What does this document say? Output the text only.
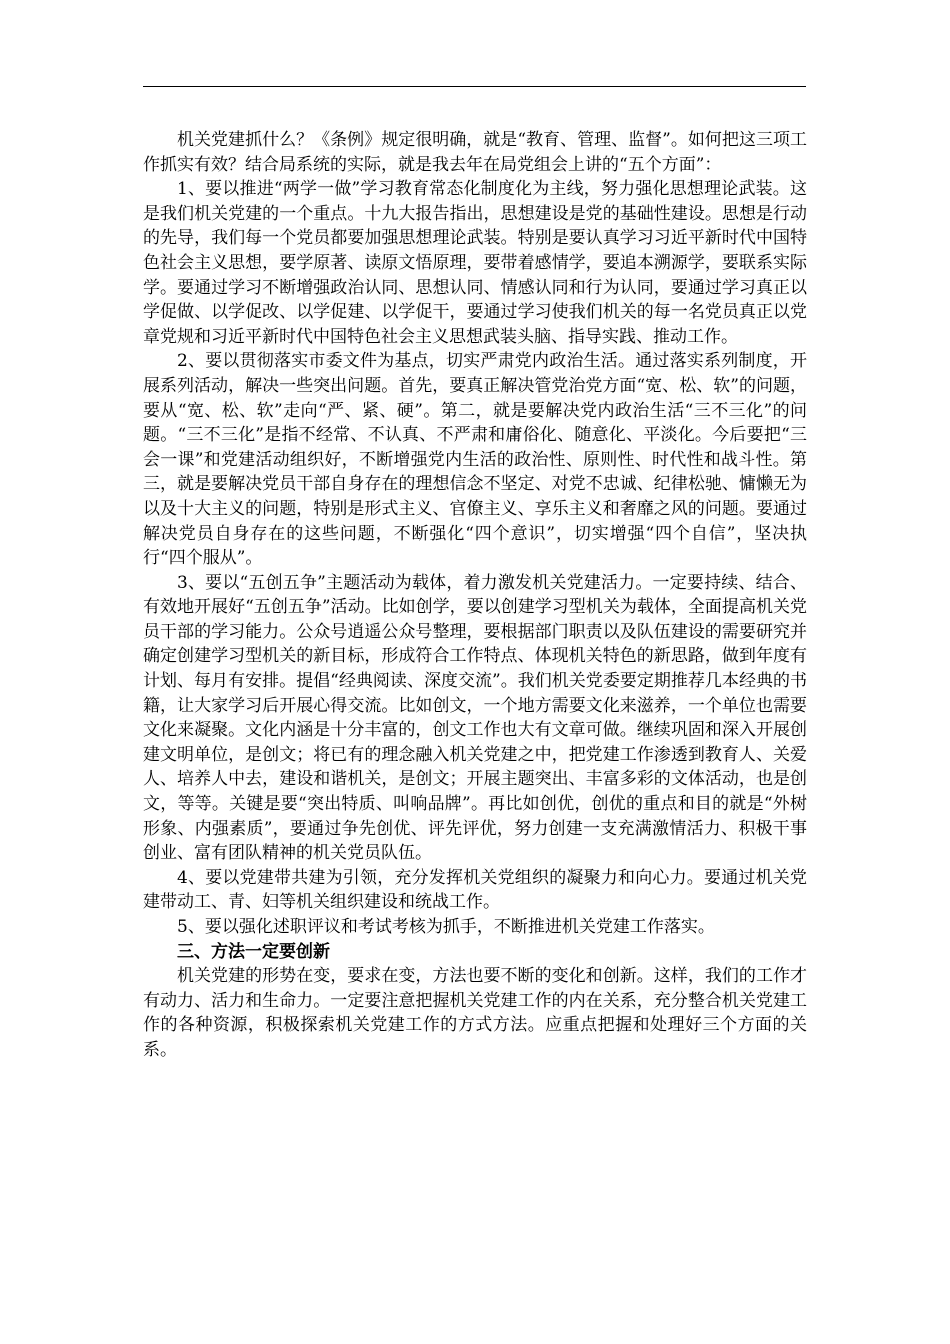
机关党建抓什么？《条例》规定很明确，就是“教育、管理、监督”。如何把这三项工作抓实有效？结合局系统的实际，就是我去年在局党组会上讲的“五个方面”：

1、要以推进“两学一做”学习教育常态化制度化为主线，努力强化思想理论武装。这是我们机关党建的一个重点。十九大报告指出，思想建设是党的基础性建设。思想是行动的先导，我们每一个党员都要加强思想理论武装。特别是要认真学习习近平新时代中国特色社会主义思想，要学原著、读原文悟原理，要带着感情学，要追本溯源学，要联系实际学。要通过学习不断增强政治认同、思想认同、情感认同和行为认同，要通过学习真正以学促做、以学促改、以学促建、以学促干，要通过学习使我们机关的每一名党员真正以党章党规和习近平新时代中国特色社会主义思想武装头脑、指导实践、推动工作。

2、要以贯彻落实市委文件为基点，切实严肃党内政治生活。通过落实系列制度，开展系列活动，解决一些突出问题。首先，要真正解决管党治党方面“宽、松、软”的问题，要从“宽、松、软”走向“严、紧、硬”。第二，就是要解决党内政治生活“三不三化”的问题。“三不三化”是指不经常、不认真、不严肃和庸俗化、随意化、平淡化。今后要把“三会一课”和党建活动组织好，不断增强党内生活的政治性、原则性、时代性和战斗性。第三，就是要解决党员干部自身存在的理想信念不坚定、对党不忠诚、纪律松驰、慵懒无为以及十大主义的问题，特别是形式主义、官僚主义、享乐主义和奢靡之风的问题。要通过解决党员自身存在的这些问题，不断强化“四个意识”，切实增强“四个自信”，坚决执行“四个服从”。

3、要以“五创五争”主题活动为载体，着力激发机关党建活力。一定要持续、结合、有效地开展好“五创五争”活动。比如创学，要以创建学习型机关为载体，全面提高机关党员干部的学习能力。公众号逍遥公众号整理，要根据部门职责以及队伍建设的需要研究并确定创建学习型机关的新目标，形成符合工作特点、体现机关特色的新思路，做到年度有计划、每月有安排。提倡“经典阅读、深度交流”。我们机关党委要定期推荐几本经典的书籍，让大家学习后开展心得交流。比如创文，一个地方需要文化来滋养，一个单位也需要文化来凝聚。文化内涵是十分丰富的，创文工作也大有文章可做。继续巩固和深入开展创建文明单位，是创文；将已有的理念融入机关党建之中，把党建工作渗透到教育人、关爱人、培养人中去，建设和谐机关，是创文；开展主题突出、丰富多彩的文体活动，也是创文，等等。关键是要“突出特质、叫响品牌”。再比如创优，创优的重点和目的就是“外树形象、内强素质”，要通过争先创优、评先评优，努力创建一支充满激情活力、积极干事创业、富有团队精神的机关党员队伍。

4、要以党建带共建为引领，充分发挥机关党组织的凝聚力和向心力。要通过机关党建带动工、青、妇等机关组织建设和统战工作。

5、要以强化述职评议和考试考核为抓手，不断推进机关党建工作落实。

三、方法一定要创新

机关党建的形势在变，要求在变，方法也要不断的变化和创新。这样，我们的工作才有动力、活力和生命力。一定要注意把握机关党建工作的内在关系，充分整合机关党建工作的各种资源，积极探索机关党建工作的方式方法。应重点把握和处理好三个方面的关系。
